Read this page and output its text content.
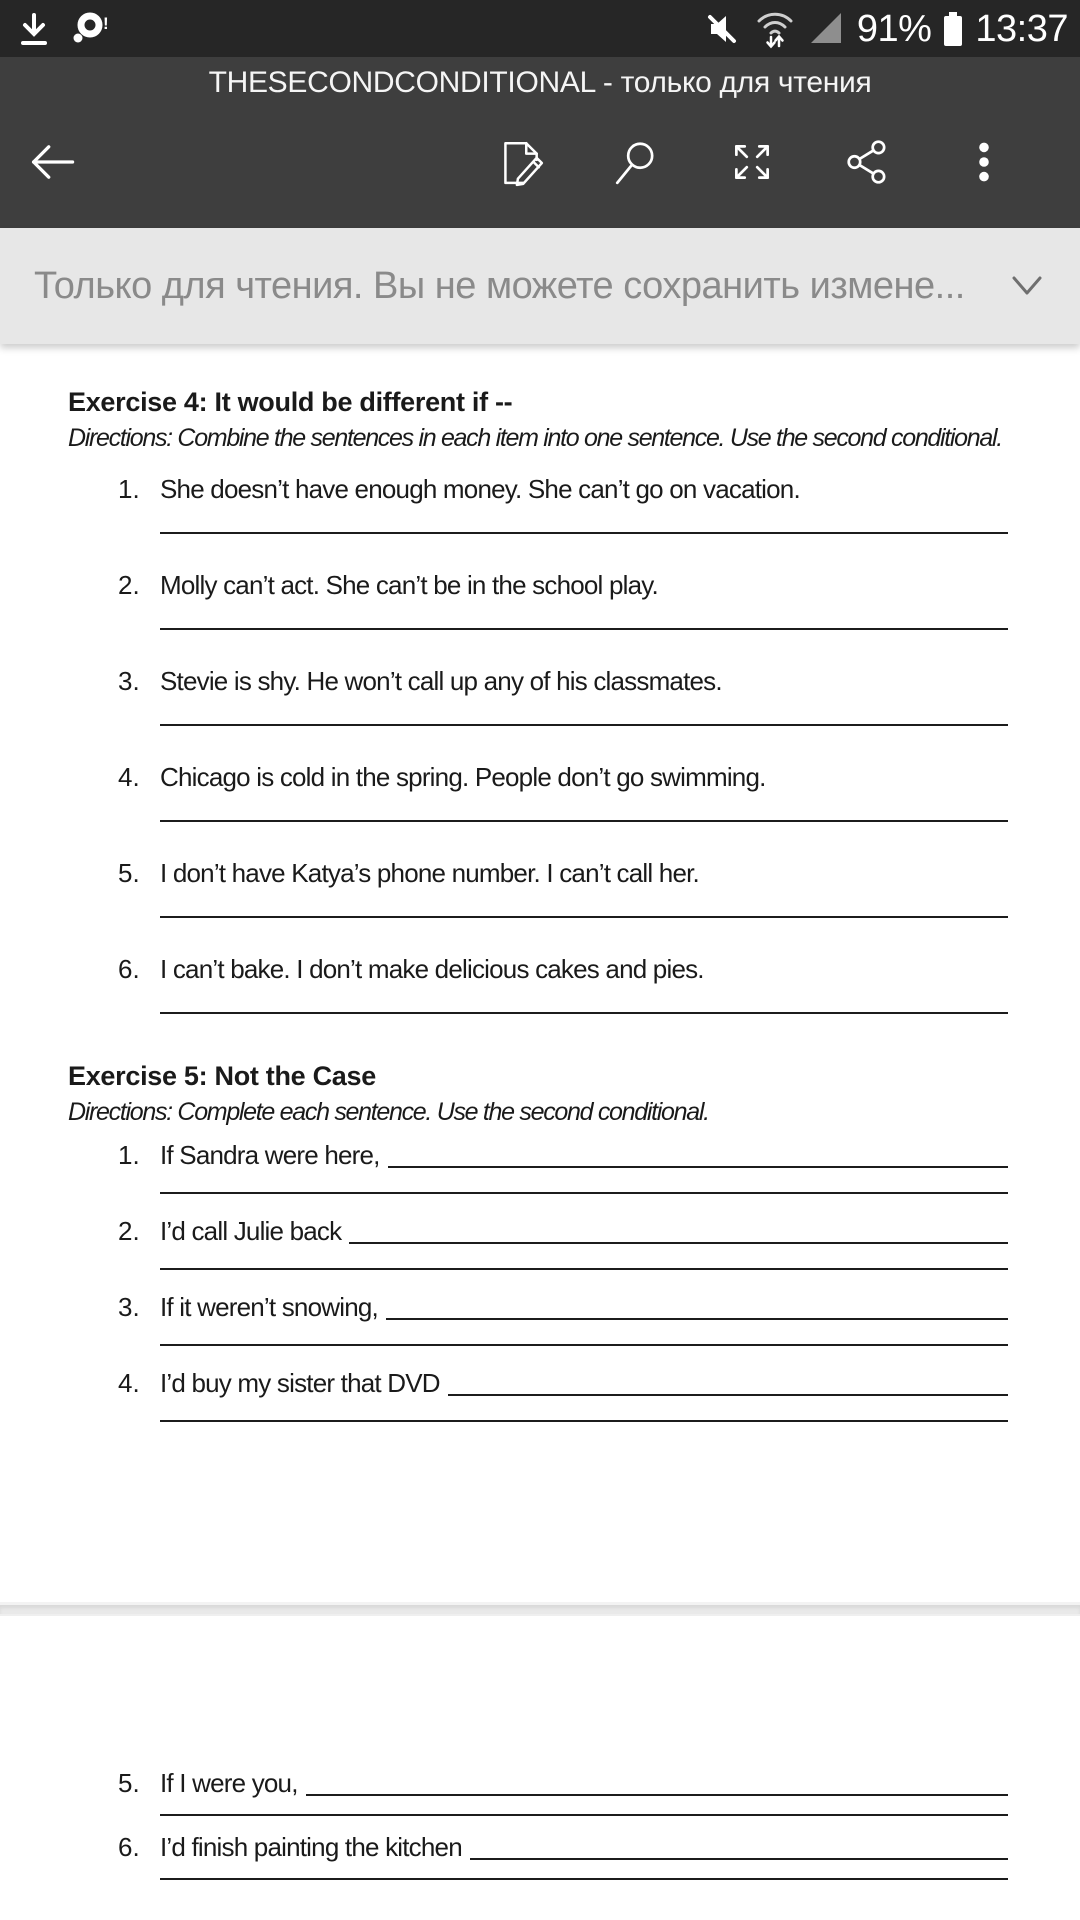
!	91% 13:37
THESECONDCONDITIONAL - только для чтения
Только для чтения. Вы не можете сохранить измене...
Exercise 4: It would be different if --
Directions: Combine the sentences in each item into one sentence. Use the second conditional.
1. She doesn’t have enough money. She can’t go on vacation.
2. Molly can’t act. She can’t be in the school play.
3. Stevie is shy. He won’t call up any of his classmates.
4. Chicago is cold in the spring. People don’t go swimming.
5. I don’t have Katya’s phone number. I can’t call her.
6. I can’t bake. I don’t make delicious cakes and pies.
Exercise 5: Not the Case
Directions: Complete each sentence. Use the second conditional.
1. If Sandra were here,
2. I’d call Julie back
3. If it weren’t snowing,
4. I’d buy my sister that DVD
5. If I were you,
6. I’d finish painting the kitchen
